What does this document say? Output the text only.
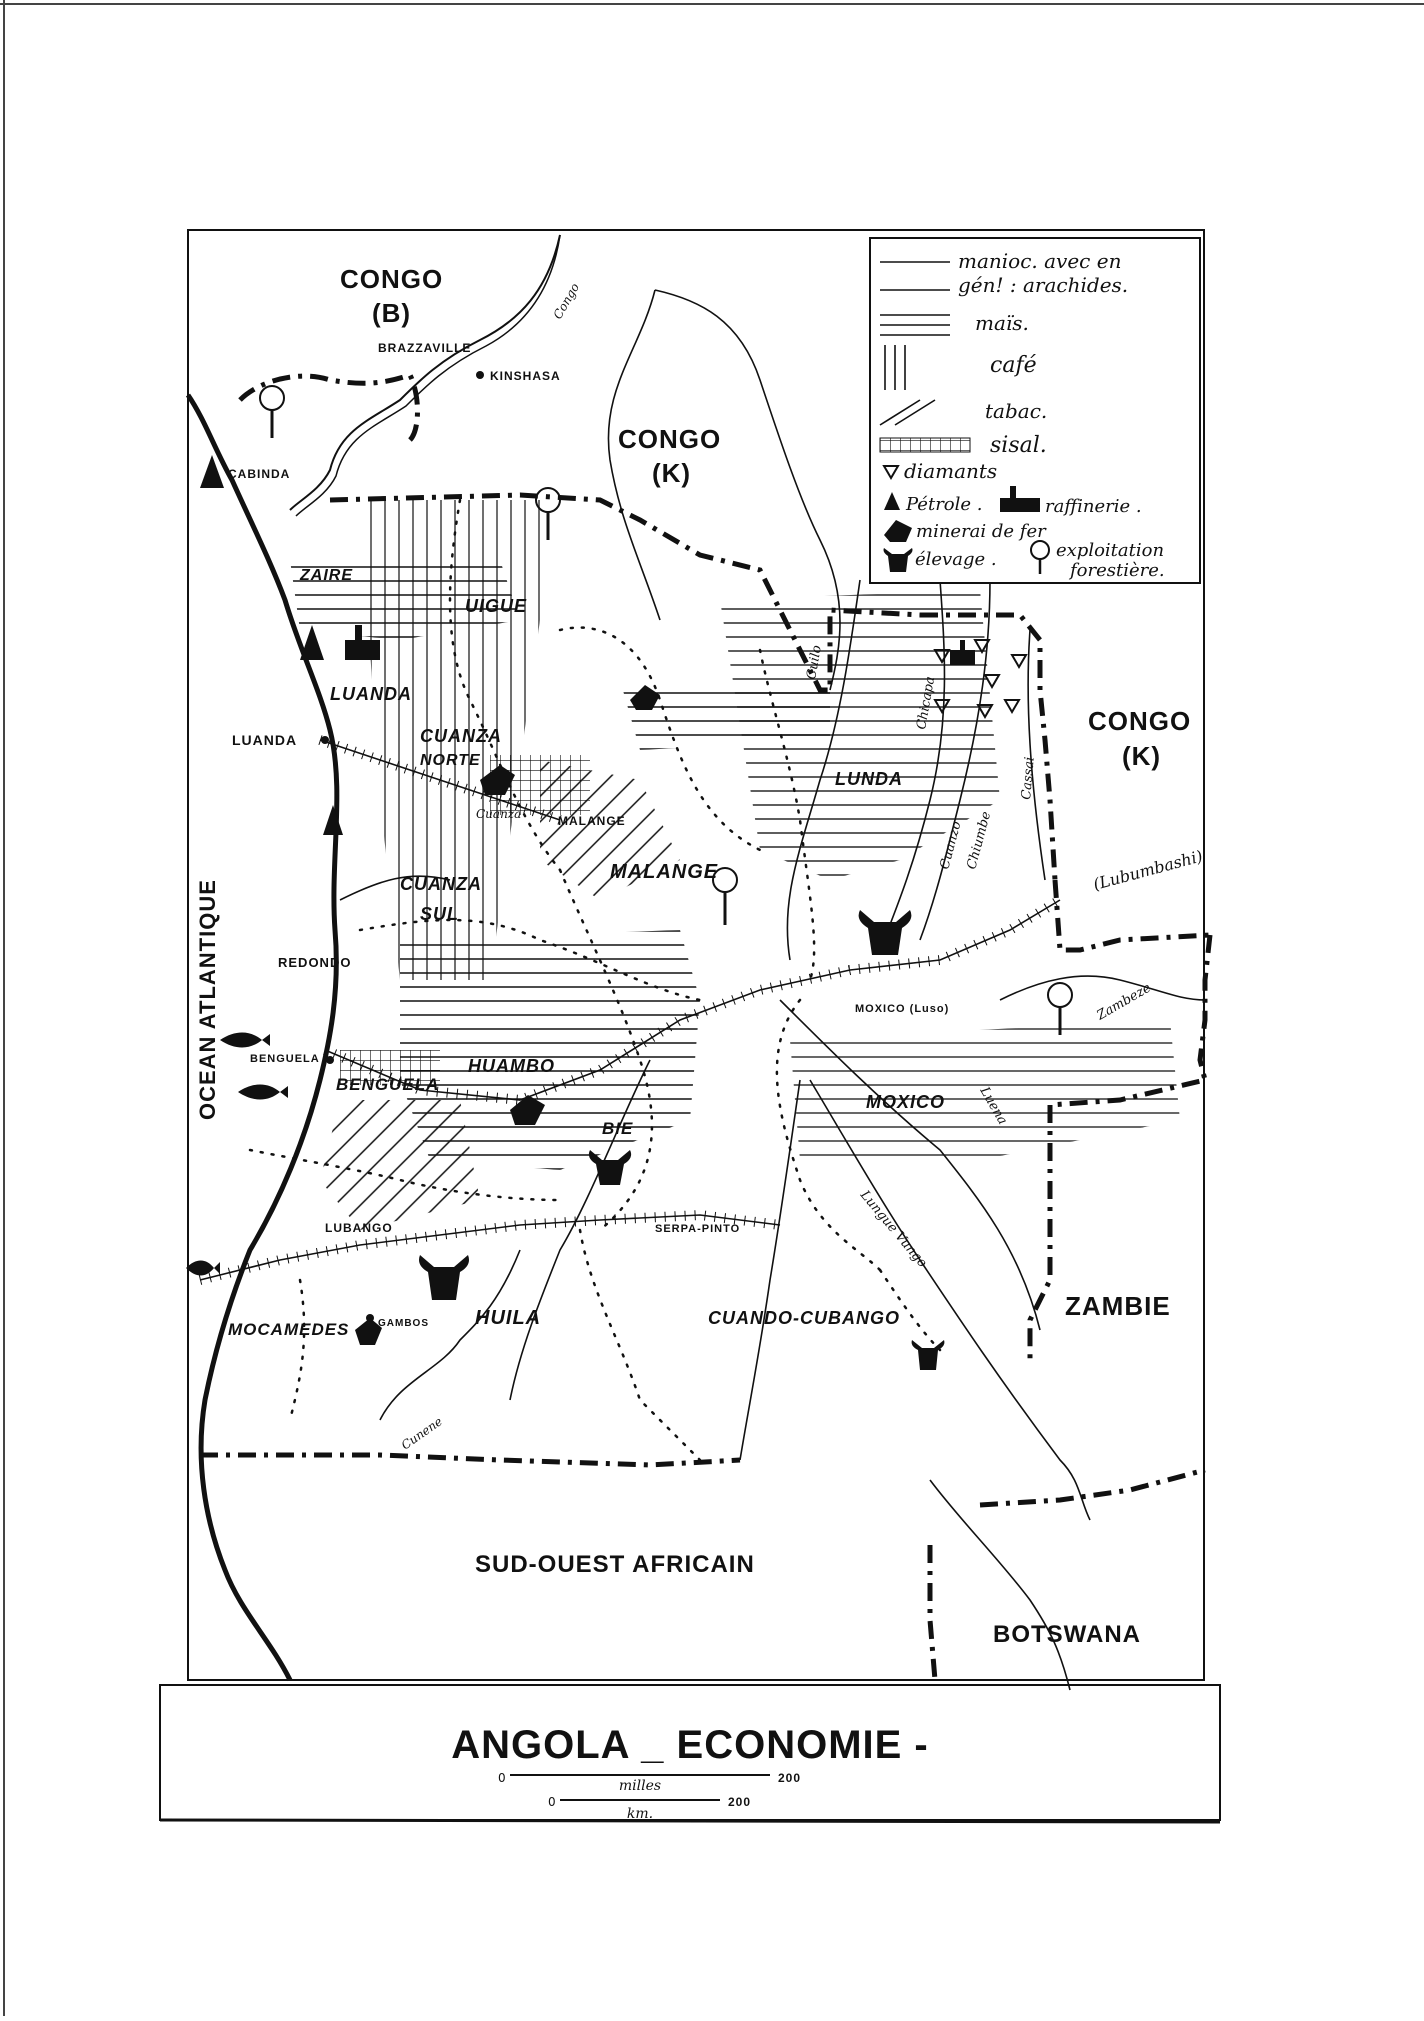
manioc. avec en
gén! : arachides.
maïs.
café
tabac.
sisal.
diamants
Pétrole .	raffinerie .
minerai de fer
élevage .	exploitation
forestière.
CONGO
(B)
CONGO
(K)
CONGO
(K)
ZAMBIE
SUD-OUEST AFRICAIN
BOTSWANA
OCEAN ATLANTIQUE
ZAIRE
UIGUE
LUANDA
CUANZA
NORTE
CUANZA
SUL
MALANGE
LUNDA
HUAMBO
BENGUELA
BIE
MOXICO
HUILA
MOCAMEDES
CUANDO-CUBANGO
BRAZZAVILLE
KINSHASA
CABINDA
LUANDA
MALANGE
Cuanza
REDONDO
BENGUELA
LUBANGO	SERPA-PINTO
MOXICO (Luso)
GAMBOS
(Lubumbashi)
Congo
Cuilo
Chicapa
Cuanzo Chiumbe
Cassai
Zambeze
Luena
Lungue Vungo
Cunene
ANGOLA _ ECONOMIE -
0	200
milles
0	200
km.
